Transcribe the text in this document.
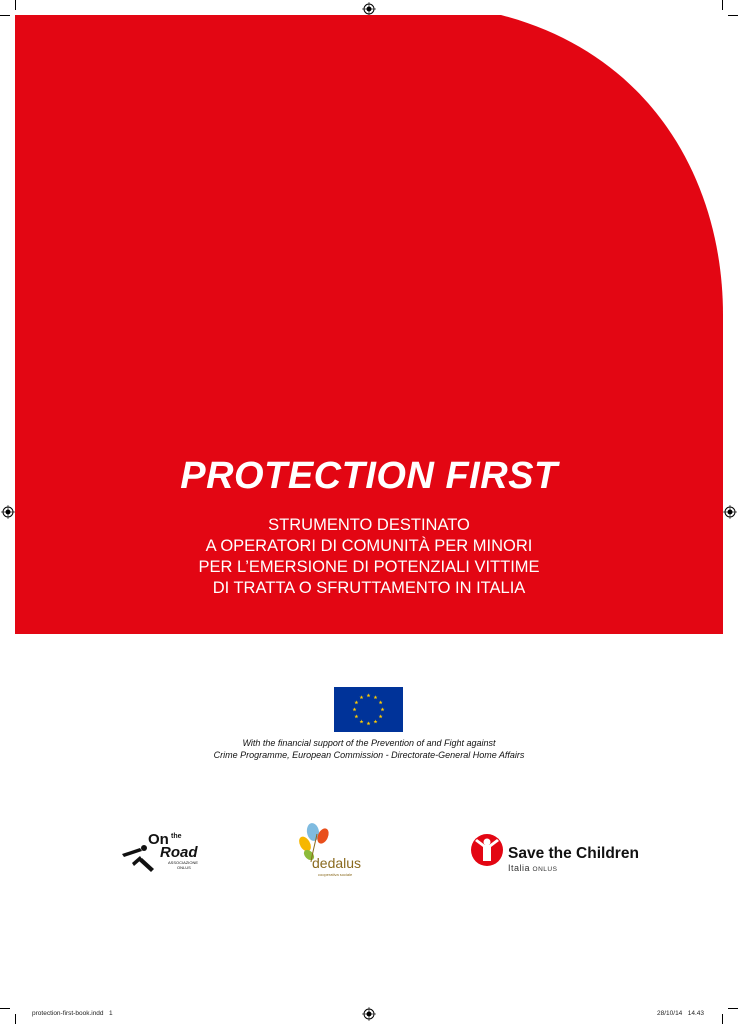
PROTECTION FIRST
STRUMENTO DESTINATO
A OPERATORI DI COMUNITÀ PER MINORI
PER L’EMERSIONE DI POTENZIALI VITTIME
DI TRATTA O SFRUTTAMENTO IN ITALIA
With the financial support of the Prevention of and Fight against
Crime Programme, European Commission - Directorate-General Home Affairs
On the
Road
ASSOCIAZIONE
ONLUS	dedalus
cooperativa sociale
Save the Children
Italia ONLUS
protection-first-book.indd   1	28/10/14   14.43
